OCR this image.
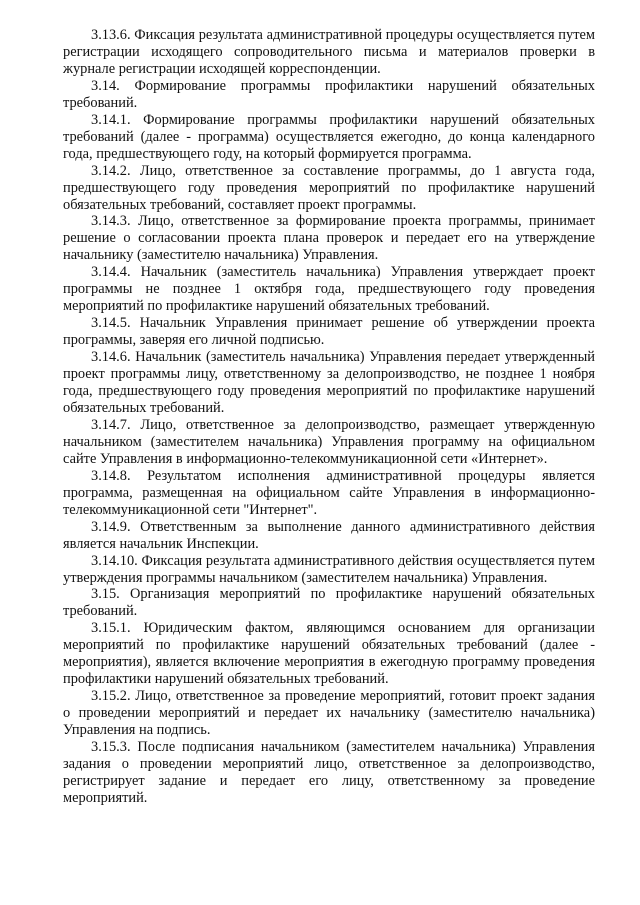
3.13.6. Фиксация результата административной процедуры осуществляется путем регистрации исходящего сопроводительного письма и материалов проверки в журнале регистрации исходящей корреспонденции.

3.14. Формирование программы профилактики нарушений обязательных требований.

3.14.1. Формирование программы профилактики нарушений обязательных требований (далее - программа) осуществляется ежегодно, до конца календарного года, предшествующего году, на который формируется программа.

3.14.2. Лицо, ответственное за составление программы, до 1 августа года, предшествующего году проведения мероприятий по профилактике нарушений обязательных требований, составляет проект программы.

3.14.3. Лицо, ответственное за формирование проекта программы, принимает решение о согласовании проекта плана проверок и передает его на утверждение начальнику (заместителю начальника) Управления.

3.14.4. Начальник (заместитель начальника) Управления утверждает проект программы не позднее 1 октября года, предшествующего году проведения мероприятий по профилактике нарушений обязательных требований.

3.14.5. Начальник Управления принимает решение об утверждении проекта программы, заверяя его личной подписью.

3.14.6. Начальник (заместитель начальника) Управления передает утвержденный проект программы лицу, ответственному за делопроизводство, не позднее 1 ноября года, предшествующего году проведения мероприятий по профилактике нарушений обязательных требований.

3.14.7. Лицо, ответственное за делопроизводство, размещает утвержденную начальником (заместителем начальника) Управления программу на официальном сайте Управления в информационно-телекоммуникационной сети «Интернет».

3.14.8. Результатом исполнения административной процедуры является программа, размещенная на официальном сайте Управления в информационно-телекоммуникационной сети "Интернет".

3.14.9. Ответственным за выполнение данного административного действия является начальник Инспекции.

3.14.10. Фиксация результата административного действия осуществляется путем утверждения программы начальником (заместителем начальника) Управления.

3.15. Организация мероприятий по профилактике нарушений обязательных требований.

3.15.1. Юридическим фактом, являющимся основанием для организации мероприятий по профилактике нарушений обязательных требований (далее - мероприятия), является включение мероприятия в ежегодную программу проведения профилактики нарушений обязательных требований.

3.15.2. Лицо, ответственное за проведение мероприятий, готовит проект задания о проведении мероприятий и передает их начальнику (заместителю начальника) Управления на подпись.

3.15.3. После подписания начальником (заместителем начальника) Управления задания о проведении мероприятий лицо, ответственное за делопроизводство, регистрирует задание и передает его лицу, ответственному за проведение мероприятий.
